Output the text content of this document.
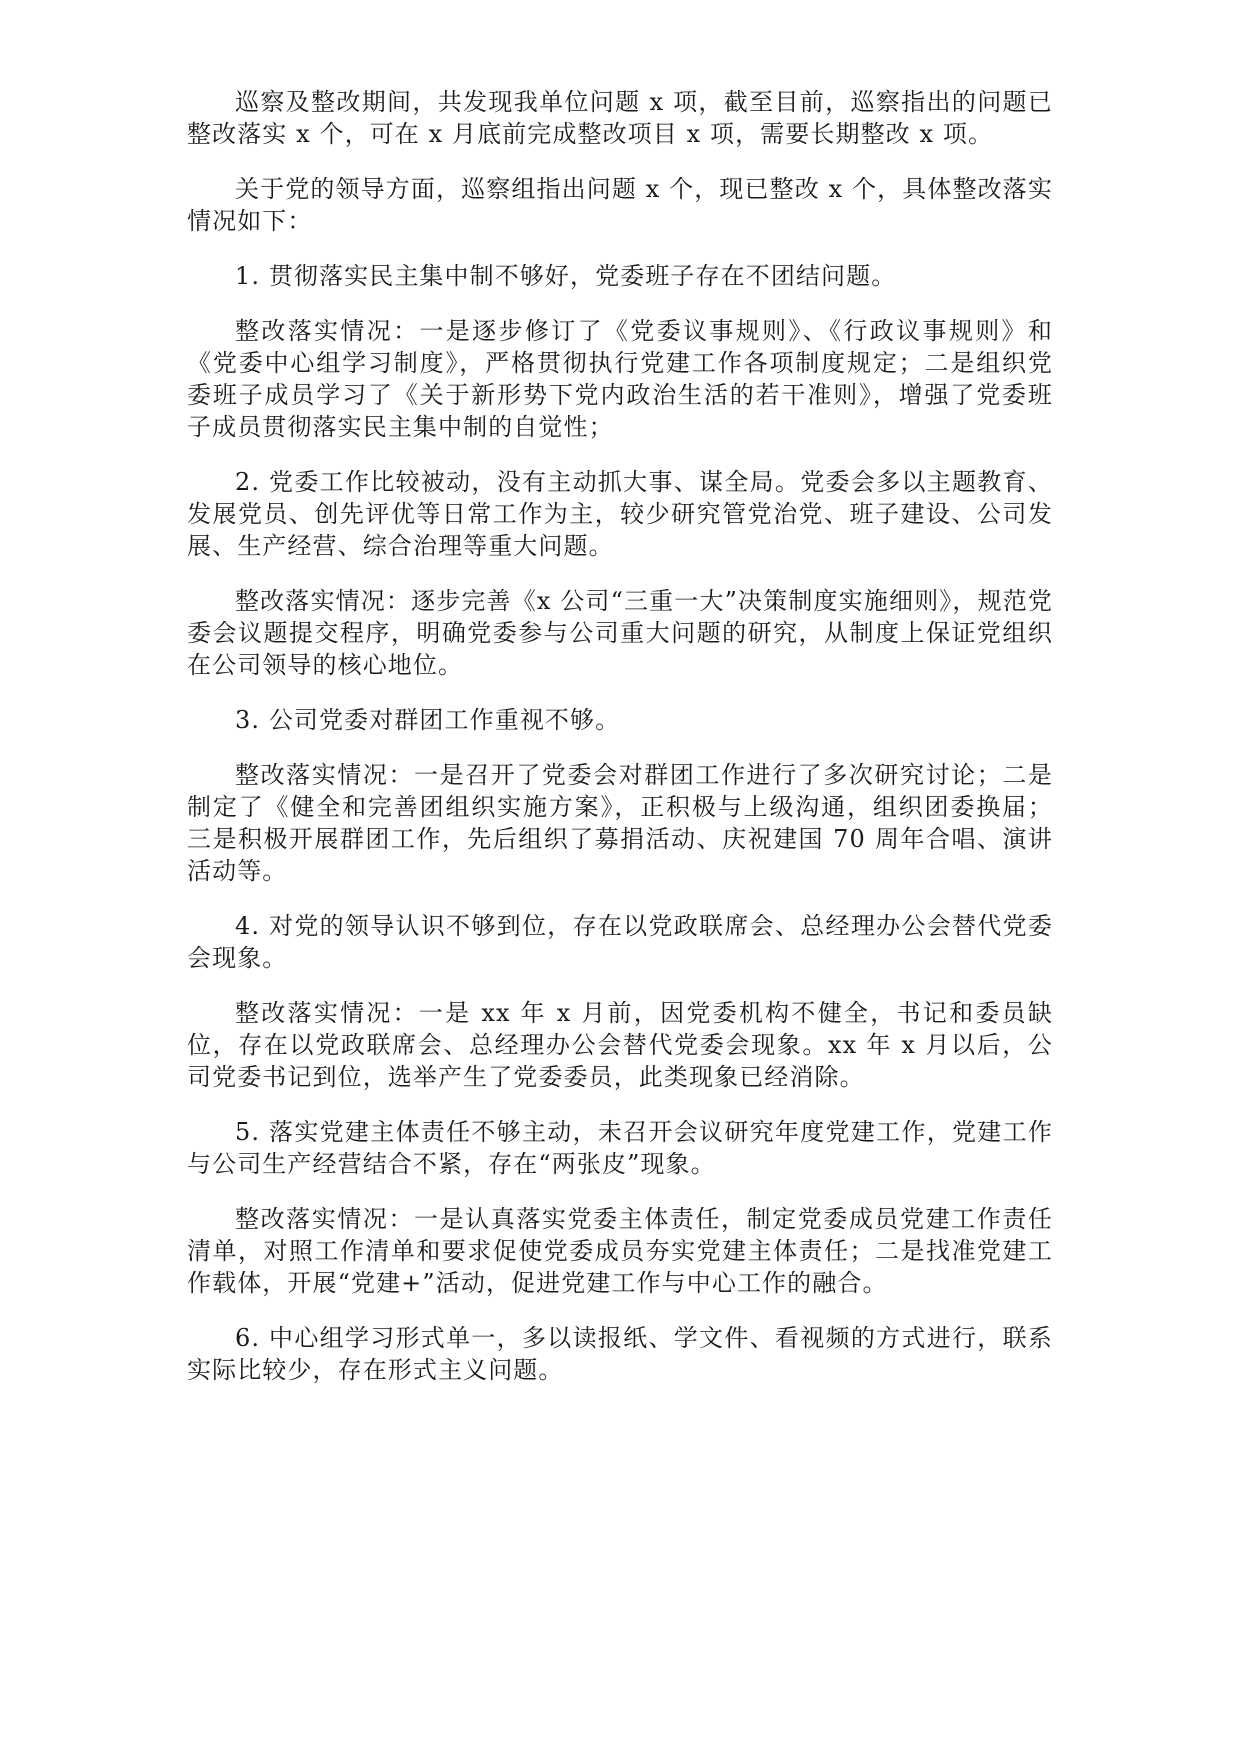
巡察及整改期间，共发现我单位问题 x 项，截至目前，巡察指出的问题已整改落实 x 个，可在 x 月底前完成整改项目 x 项，需要长期整改 x 项。

关于党的领导方面，巡察组指出问题 x 个，现已整改 x 个，具体整改落实情况如下：

1. 贯彻落实民主集中制不够好，党委班子存在不团结问题。

整改落实情况：一是逐步修订了《党委议事规则》、《行政议事规则》和《党委中心组学习制度》，严格贯彻执行党建工作各项制度规定；二是组织党委班子成员学习了《关于新形势下党内政治生活的若干准则》，增强了党委班子成员贯彻落实民主集中制的自觉性；

2. 党委工作比较被动，没有主动抓大事、谋全局。党委会多以主题教育、发展党员、创先评优等日常工作为主，较少研究管党治党、班子建设、公司发展、生产经营、综合治理等重大问题。

整改落实情况：逐步完善《x 公司“三重一大”决策制度实施细则》，规范党委会议题提交程序，明确党委参与公司重大问题的研究，从制度上保证党组织在公司领导的核心地位。

3. 公司党委对群团工作重视不够。

整改落实情况：一是召开了党委会对群团工作进行了多次研究讨论；二是制定了《健全和完善团组织实施方案》，正积极与上级沟通，组织团委换届；三是积极开展群团工作，先后组织了募捐活动、庆祝建国 70 周年合唱、演讲活动等。

4. 对党的领导认识不够到位，存在以党政联席会、总经理办公会替代党委会现象。

整改落实情况：一是 xx 年 x 月前，因党委机构不健全，书记和委员缺位，存在以党政联席会、总经理办公会替代党委会现象。xx 年 x 月以后，公司党委书记到位，选举产生了党委委员，此类现象已经消除。

5. 落实党建主体责任不够主动，未召开会议研究年度党建工作，党建工作与公司生产经营结合不紧，存在“两张皮”现象。

整改落实情况：一是认真落实党委主体责任，制定党委成员党建工作责任清单，对照工作清单和要求促使党委成员夯实党建主体责任；二是找准党建工作载体，开展“党建+”活动，促进党建工作与中心工作的融合。

6. 中心组学习形式单一，多以读报纸、学文件、看视频的方式进行，联系实际比较少，存在形式主义问题。
